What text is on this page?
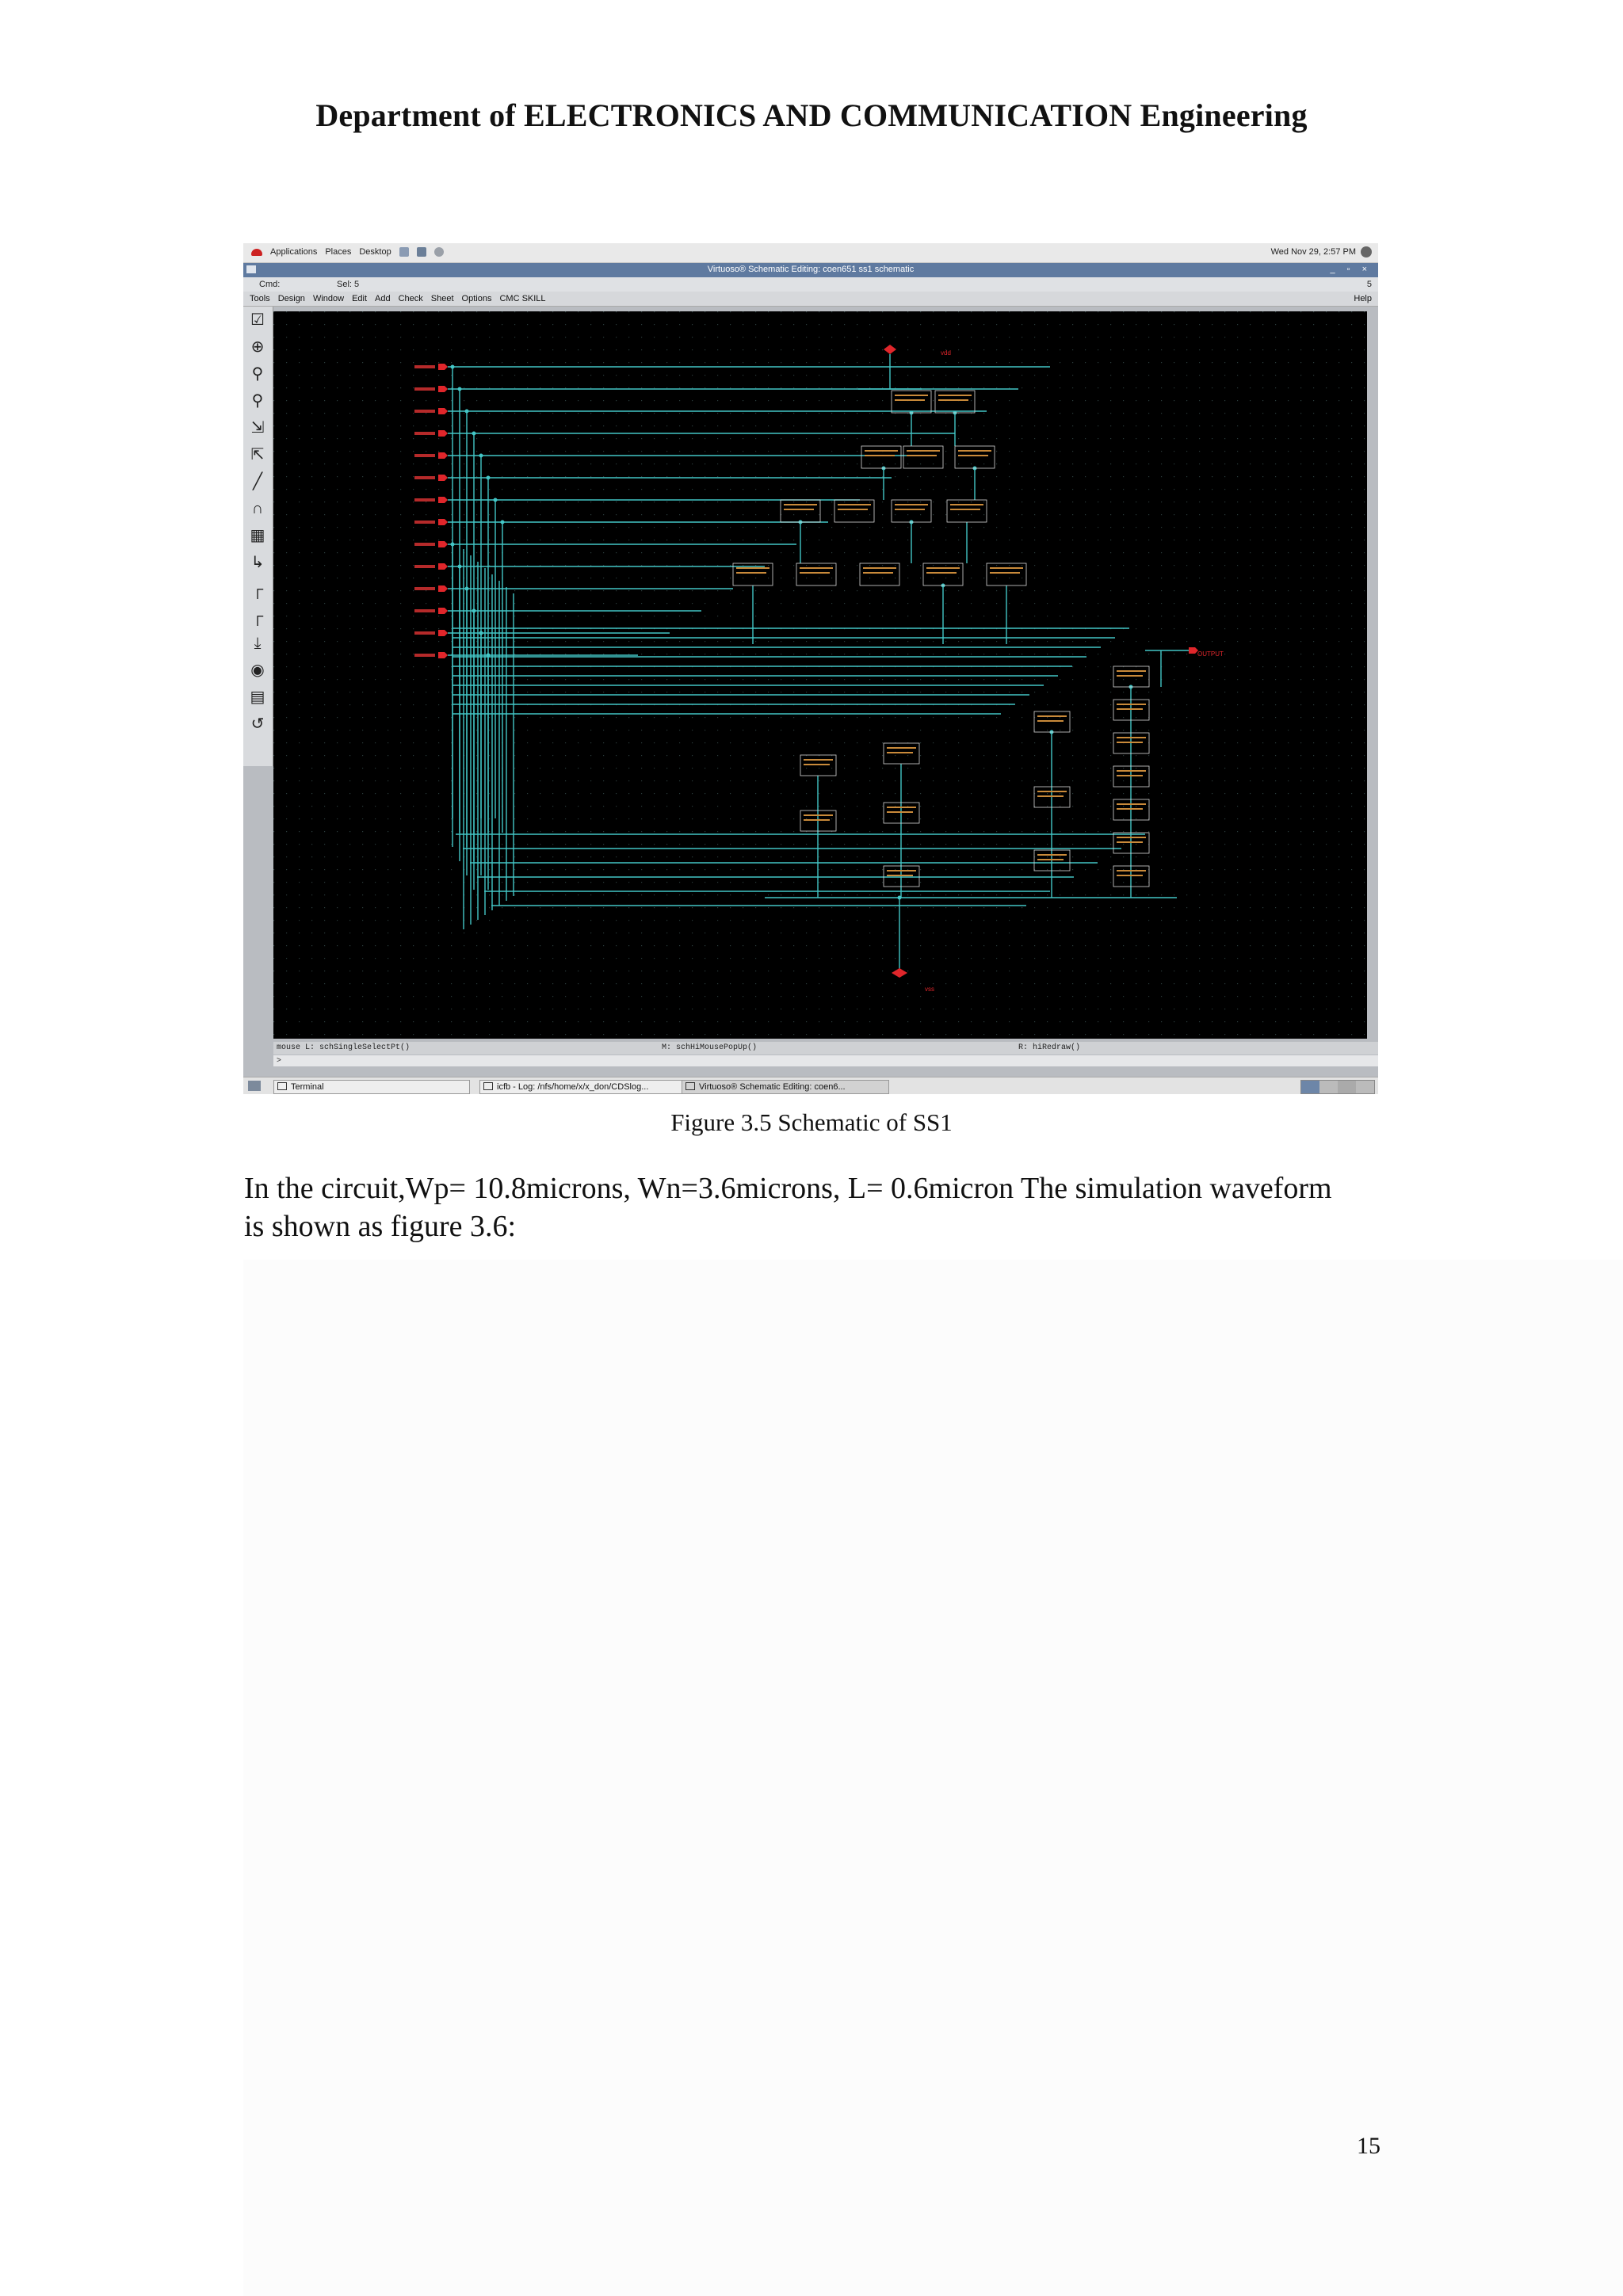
Department of ELECTRONICS AND COMMUNICATION Engineering
Applications Places Desktop	Wed Nov 29, 2:57 PM
Virtuoso® Schematic Editing: coen651 ss1 schematic	_ ▫ ×
Cmd:	Sel: 5	5
Tools Design Window Edit Add Check Sheet Options CMC SKILL	Help
☑
⊕
⚲
⚲
⇲
⇱
╱
∩
▦
↳
┌
┌
⤓
◉
▤
↺
vdd
vss
OUTPUT
mouse L: schSingleSelectPt()	M: schHiMousePopUp()	R: hiRedraw()
>
Terminal	icfb - Log: /nfs/home/x/x_don/CDSlog...	Virtuoso® Schematic Editing: coen6...
Figure 3.5 Schematic of SS1
In the circuit,Wp= 10.8microns, Wn=3.6microns, L= 0.6micron The simulation waveform
is shown as figure 3.6:
15
